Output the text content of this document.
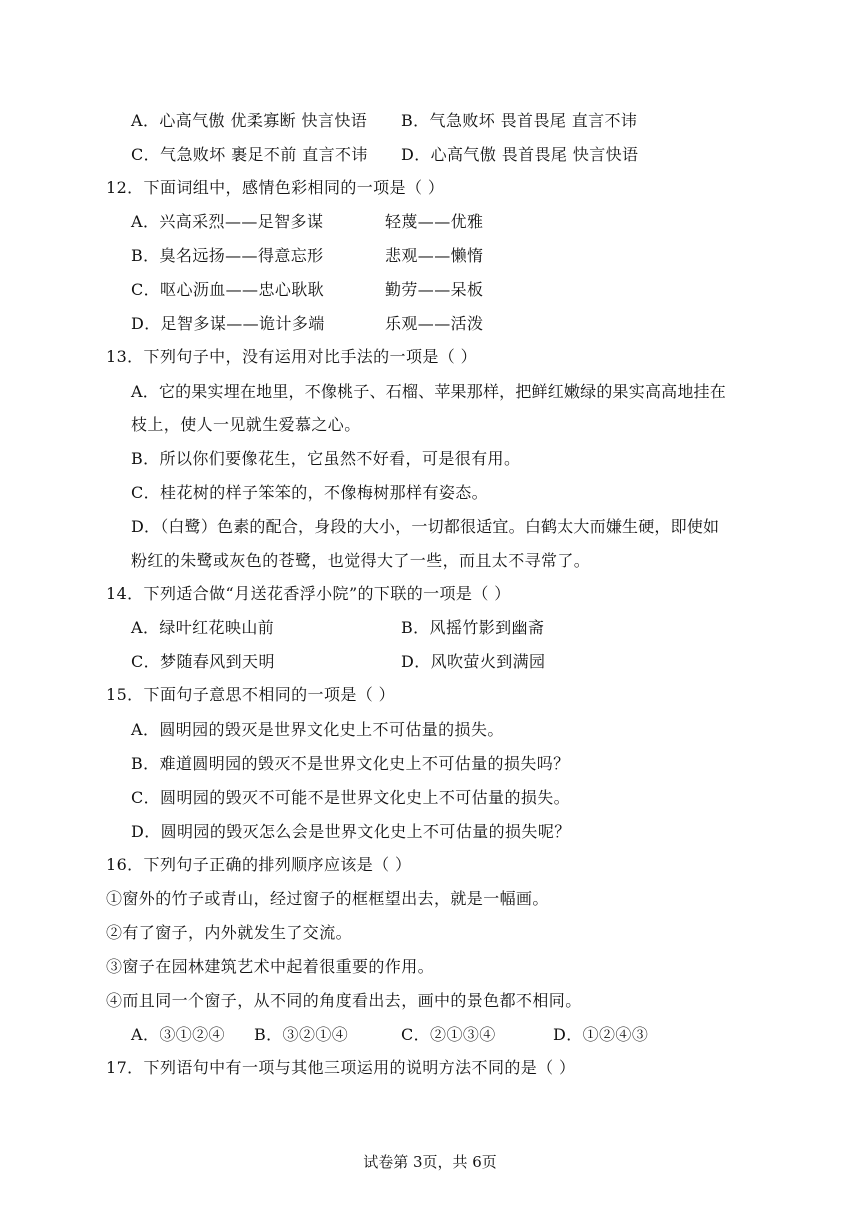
A．心高气傲 优柔寡断 快言快语 B．气急败坏 畏首畏尾 直言不讳
C．气急败坏 裹足不前 直言不讳 D．心高气傲 畏首畏尾 快言快语
12．下面词组中，感情色彩相同的一项是（ ）
A．兴高采烈——足智多谋	轻蔑——优雅
B．臭名远扬——得意忘形	悲观——懒惰
C．呕心沥血——忠心耿耿	勤劳——呆板
D．足智多谋——诡计多端	乐观——活泼
13．下列句子中，没有运用对比手法的一项是（ ）
A．它的果实埋在地里，不像桃子、石榴、苹果那样，把鲜红嫩绿的果实高高地挂在
枝上，使人一见就生爱慕之心。
B．所以你们要像花生，它虽然不好看，可是很有用。
C．桂花树的样子笨笨的，不像梅树那样有姿态。
D．（白鹭）色素的配合，身段的大小，一切都很适宜。白鹤太大而嫌生硬，即使如
粉红的朱鹭或灰色的苍鹭，也觉得大了一些，而且太不寻常了。
14．下列适合做“月送花香浮小院”的下联的一项是（ ）
A．绿叶红花映山前	B．风摇竹影到幽斋
C．梦随春风到天明	D．风吹萤火到满园
15．下面句子意思不相同的一项是（ ）
A．圆明园的毁灭是世界文化史上不可估量的损失。
B．难道圆明园的毁灭不是世界文化史上不可估量的损失吗？
C．圆明园的毁灭不可能不是世界文化史上不可估量的损失。
D．圆明园的毁灭怎么会是世界文化史上不可估量的损失呢？
16．下列句子正确的排列顺序应该是（ ）
①窗外的竹子或青山，经过窗子的框框望出去，就是一幅画。
②有了窗子，内外就发生了交流。
③窗子在园林建筑艺术中起着很重要的作用。
④而且同一个窗子，从不同的角度看出去，画中的景色都不相同。
A．③①②④ B．③②①④	C．②①③④	D．①②④③
17．下列语句中有一项与其他三项运用的说明方法不同的是（ ）
试卷第 3页，共 6页
